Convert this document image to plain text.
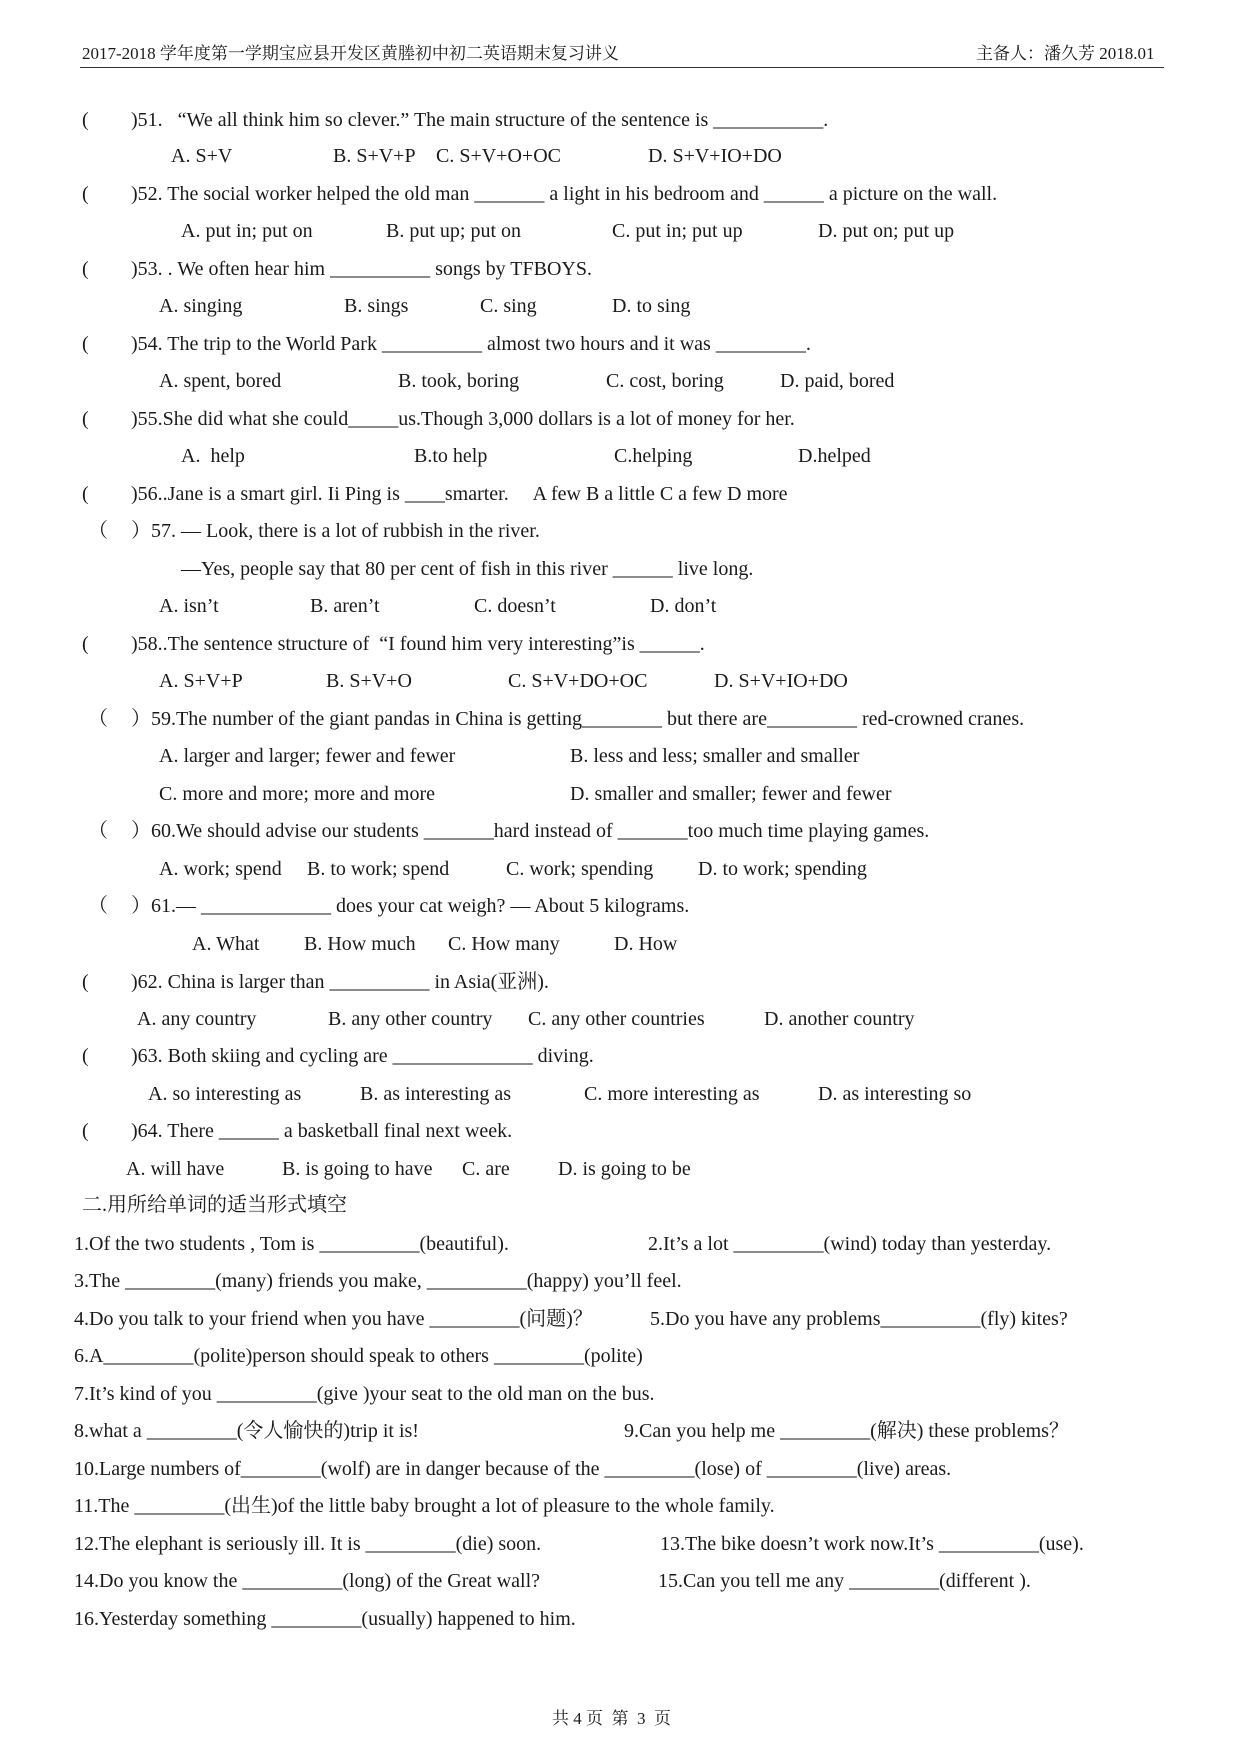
2017-2018 学年度第一学期宝应县开发区黄塍初中初二英语期末复习讲义	主备人：潘久芳 2018.01
( )51.   “We all think him so clever.” The main structure of the sentence is ___________.
A. S+V	B. S+V+P C. S+V+O+OC	D. S+V+IO+DO
( )52. The social worker helped the old man _______ a light in his bedroom and ______ a picture on the wall.
A. put in; put on	B. put up; put on	C. put in; put up	D. put on; put up
( )53. . We often hear him __________ songs by TFBOYS.
A. singing	B. sings	C. sing	D. to sing
( )54. The trip to the World Park __________ almost two hours and it was _________.
A. spent, bored	B. took, boring	C. cost, boring	D. paid, bored
( )55.She did what she could_____us.Though 3,000 dollars is a lot of money for her.
A.  help	B.to help	C.helping	D.helped
( )56..Jane is a smart girl. Ii Ping is ____smarter.     A few B a little C a few D more
（ ）57. — Look, there is a lot of rubbish in the river.
—Yes, people say that 80 per cent of fish in this river ______ live long.
A. isn’t	B. aren’t	C. doesn’t	D. don’t
( )58..The sentence structure of  “I found him very interesting”is ______.
A. S+V+P	B. S+V+O	C. S+V+DO+OC	D. S+V+IO+DO
（ ）59.The number of the giant pandas in China is getting________ but there are_________ red-crowned cranes.
A. larger and larger; fewer and fewer	B. less and less; smaller and smaller
C. more and more; more and more	D. smaller and smaller; fewer and fewer
（ ）60.We should advise our students _______hard instead of _______too much time playing games.
A. work; spend B. to work; spend	C. work; spending D. to work; spending
（ ）61.— _____________ does your cat weigh? — About 5 kilograms.
A. What B. How much C. How many	D. How
( )62. China is larger than __________ in Asia(亚洲).
A. any country	B. any other country C. any other countries	D. another country
( )63. Both skiing and cycling are ______________ diving.
A. so interesting as	B. as interesting as	C. more interesting as	D. as interesting so
( )64. There ______ a basketball final next week.
A. will have	B. is going to have C. are D. is going to be
二.用所给单词的适当形式填空
1.Of the two students , Tom is __________(beautiful).	2.It’s a lot _________(wind) today than yesterday.
3.The _________(many) friends you make, __________(happy) you’ll feel.
4.Do you talk to your friend when you have _________(问题)？	5.Do you have any problems__________(fly) kites?
6.A_________(polite)person should speak to others _________(polite)
7.It’s kind of you __________(give )your seat to the old man on the bus.
8.what a _________(令人愉快的)trip it is!	9.Can you help me _________(解决) these problems？
10.Large numbers of________(wolf) are in danger because of the _________(lose) of _________(live) areas.
11.The _________(出生)of the little baby brought a lot of pleasure to the whole family.
12.The elephant is seriously ill. It is _________(die) soon.	13.The bike doesn’t work now.It’s __________(use).
14.Do you know the __________(long) of the Great wall?	15.Can you tell me any _________(different ).
16.Yesterday something _________(usually) happened to him.
共 4 页  第  3  页
